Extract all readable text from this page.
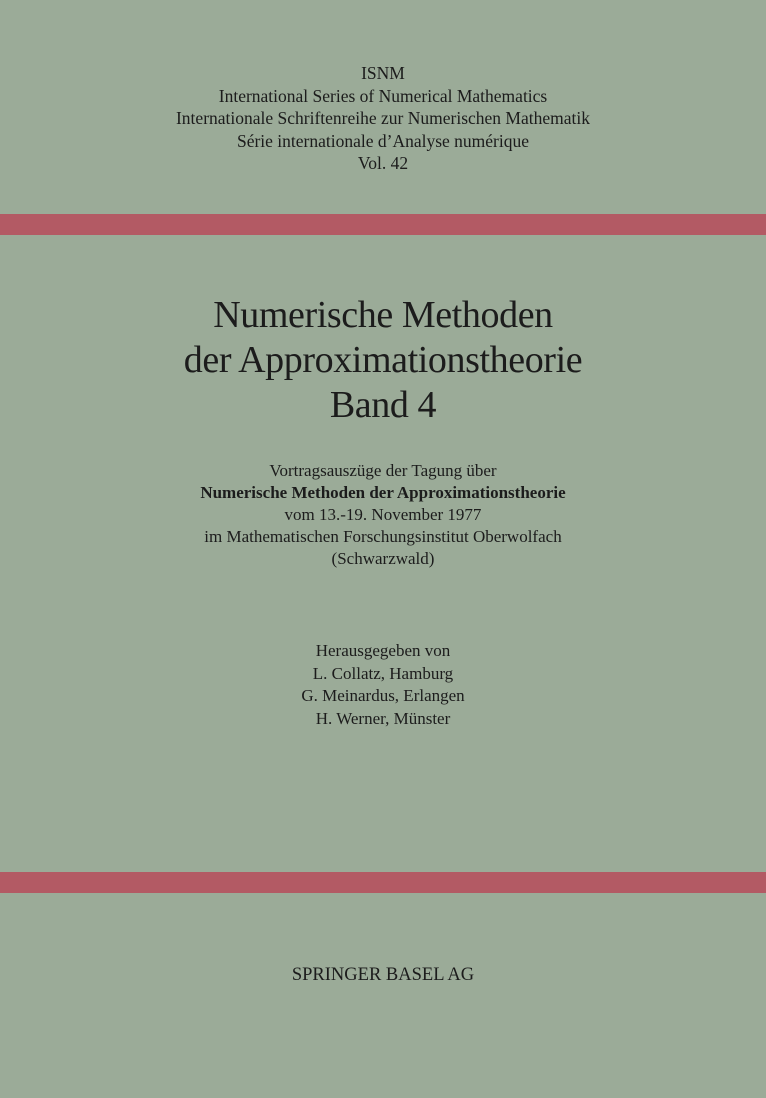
ISNM
International Series of Numerical Mathematics
Internationale Schriftenreihe zur Numerischen Mathematik
Série internationale d’Analyse numérique
Vol. 42
Numerische Methoden
der Approximationstheorie
Band 4
Vortragsauszüge der Tagung über
Numerische Methoden der Approximationstheorie
vom 13.-19. November 1977
im Mathematischen Forschungsinstitut Oberwolfach
(Schwarzwald)
Herausgegeben von
L. Collatz, Hamburg
G. Meinardus, Erlangen
H. Werner, Münster
SPRINGER BASEL AG
